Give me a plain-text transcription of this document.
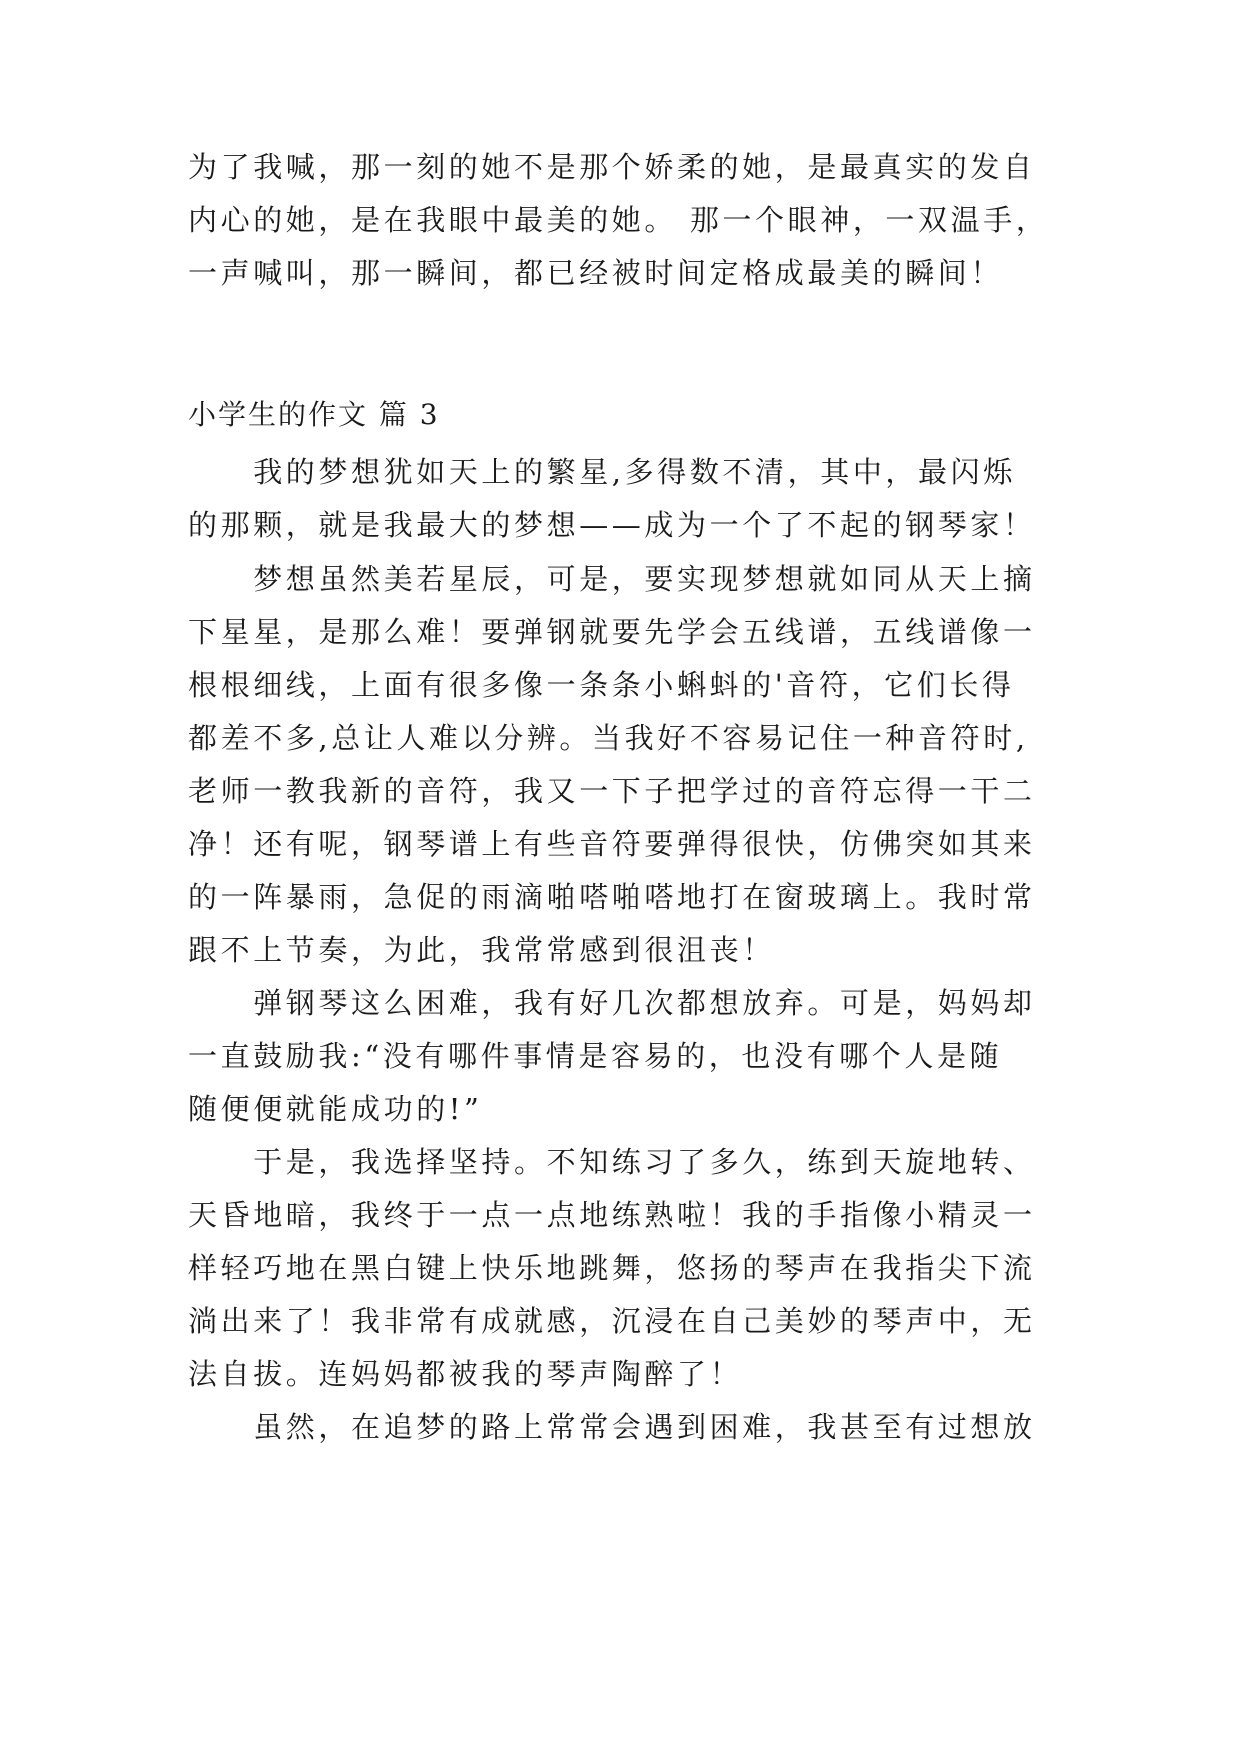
为了我喊，那一刻的她不是那个娇柔的她，是最真实的发自
内心的她，是在我眼中最美的她。 那一个眼神，一双温手，
一声喊叫，那一瞬间，都已经被时间定格成最美的瞬间！
小学生的作文 篇 3
　　我的梦想犹如天上的繁星,多得数不清，其中，最闪烁
的那颗，就是我最大的梦想——成为一个了不起的钢琴家！
　　梦想虽然美若星辰，可是，要实现梦想就如同从天上摘
下星星，是那么难！要弹钢就要先学会五线谱，五线谱像一
根根细线，上面有很多像一条条小蝌蚪的'音符，它们长得
都差不多,总让人难以分辨。当我好不容易记住一种音符时,
老师一教我新的音符，我又一下子把学过的音符忘得一干二
净！还有呢，钢琴谱上有些音符要弹得很快，仿佛突如其来
的一阵暴雨，急促的雨滴啪嗒啪嗒地打在窗玻璃上。我时常
跟不上节奏，为此，我常常感到很沮丧！
　　弹钢琴这么困难，我有好几次都想放弃。可是，妈妈却
一直鼓励我:“没有哪件事情是容易的，也没有哪个人是随
随便便就能成功的!”
　　于是，我选择坚持。不知练习了多久，练到天旋地转、
天昏地暗，我终于一点一点地练熟啦！我的手指像小精灵一
样轻巧地在黑白键上快乐地跳舞，悠扬的琴声在我指尖下流
淌出来了！我非常有成就感，沉浸在自己美妙的琴声中，无
法自拔。连妈妈都被我的琴声陶醉了！
　　虽然，在追梦的路上常常会遇到困难，我甚至有过想放
